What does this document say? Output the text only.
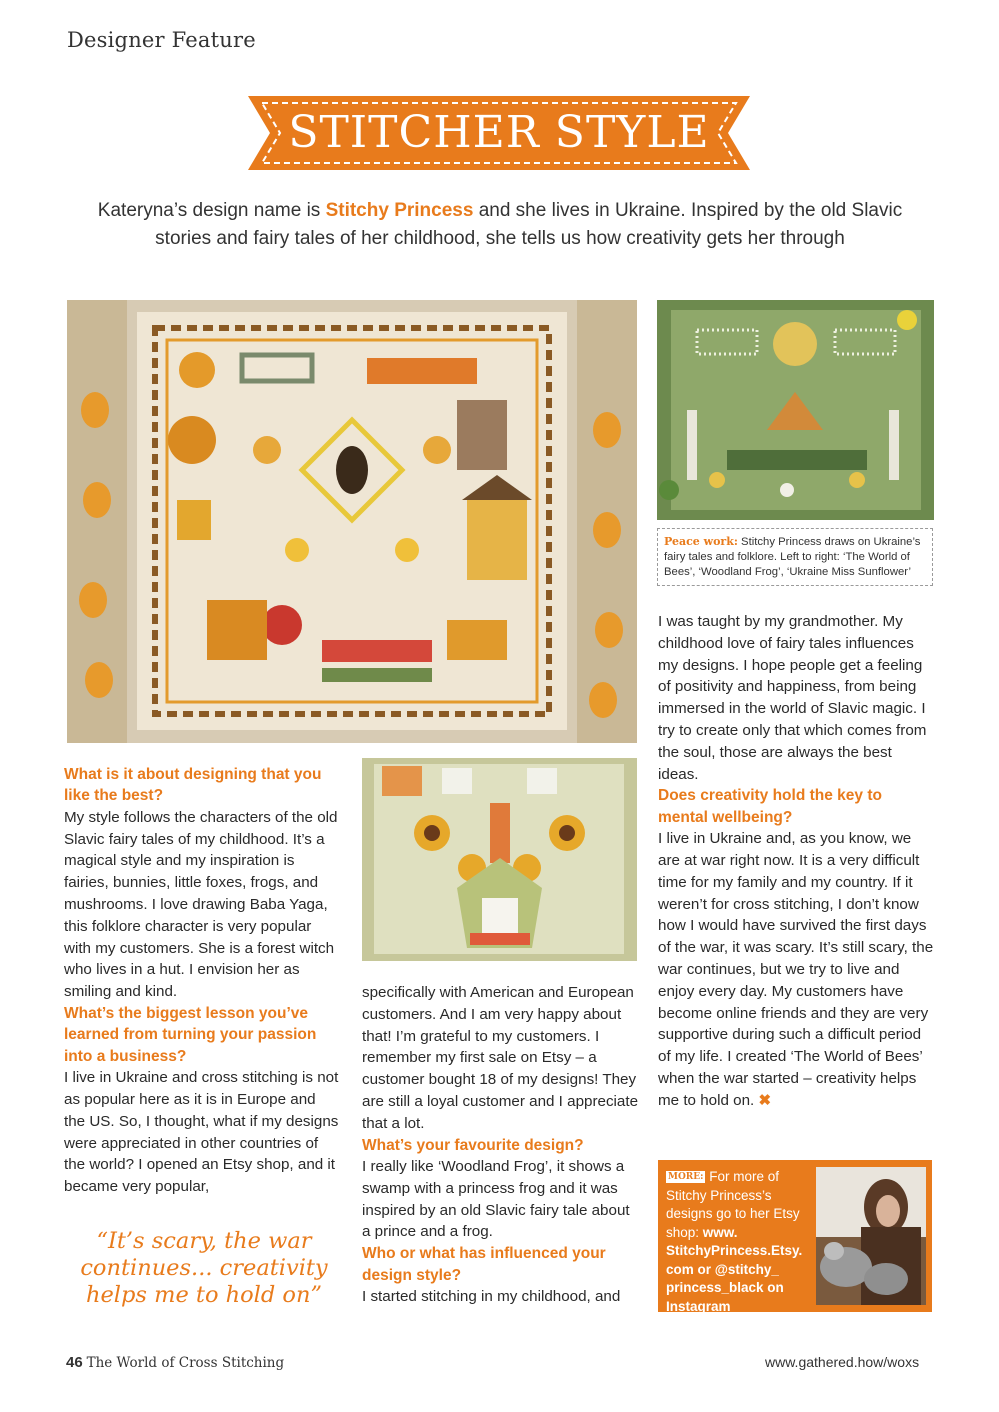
Designer Feature
STITCHER STYLE
Kateryna’s design name is Stitchy Princess and she lives in Ukraine. Inspired by the old Slavic stories and fairy tales of her childhood, she tells us how creativity gets her through
Peace work: Stitchy Princess draws on Ukraine’s fairy tales and folklore. Left to right: ‘The World of Bees’, ‘Woodland Frog’, ‘Ukraine Miss Sunflower’
What is it about designing that you like the best?

My style follows the characters of the old Slavic fairy tales of my childhood. It’s a magical style and my inspiration is fairies, bunnies, little foxes, frogs, and mushrooms. I love drawing Baba Yaga, this folklore character is very popular with my customers. She is a forest witch who lives in a hut. I envision her as smiling and kind.

What’s the biggest lesson you’ve learned from turning your passion into a business?

I live in Ukraine and cross stitching is not as popular here as it is in Europe and the US. So, I thought, what if my designs were appreciated in other countries of the world? I opened an Etsy shop, and it became very popular,

“It’s scary, the war continues... creativity helps me to hold on”

specifically with American and European customers. And I am very happy about that! I’m grateful to my customers. I remember my first sale on Etsy – a customer bought 18 of my designs! They are still a loyal customer and I appreciate that a lot.

What’s your favourite design?

I really like ‘Woodland Frog’, it shows a swamp with a princess frog and it was inspired by an old Slavic fairy tale about a prince and a frog.

Who or what has influenced your design style?

I started stitching in my childhood, and

I was taught by my grandmother. My childhood love of fairy tales influences my designs. I hope people get a feeling of positivity and happiness, from being immersed in the world of Slavic magic. I try to create only that which comes from the soul, those are always the best ideas.

Does creativity hold the key to mental wellbeing?

I live in Ukraine and, as you know, we are at war right now. It is a very difficult time for my family and my country. If it weren’t for cross stitching, I don’t know how I would have survived the first days of the war, it was scary. It’s still scary, the war continues, but we try to live and enjoy every day. My customers have become online friends and they are very supportive during such a difficult period of my life. I created ‘The World of Bees’ when the war started – creativity helps me to hold on. ✖

MORE: For more of Stitchy Princess’s designs go to her Etsy shop: www. StitchyPrincess.Etsy. com or @stitchy_ princess_black on Instagram
46 The World of Cross Stitching	www.gathered.how/woxs
